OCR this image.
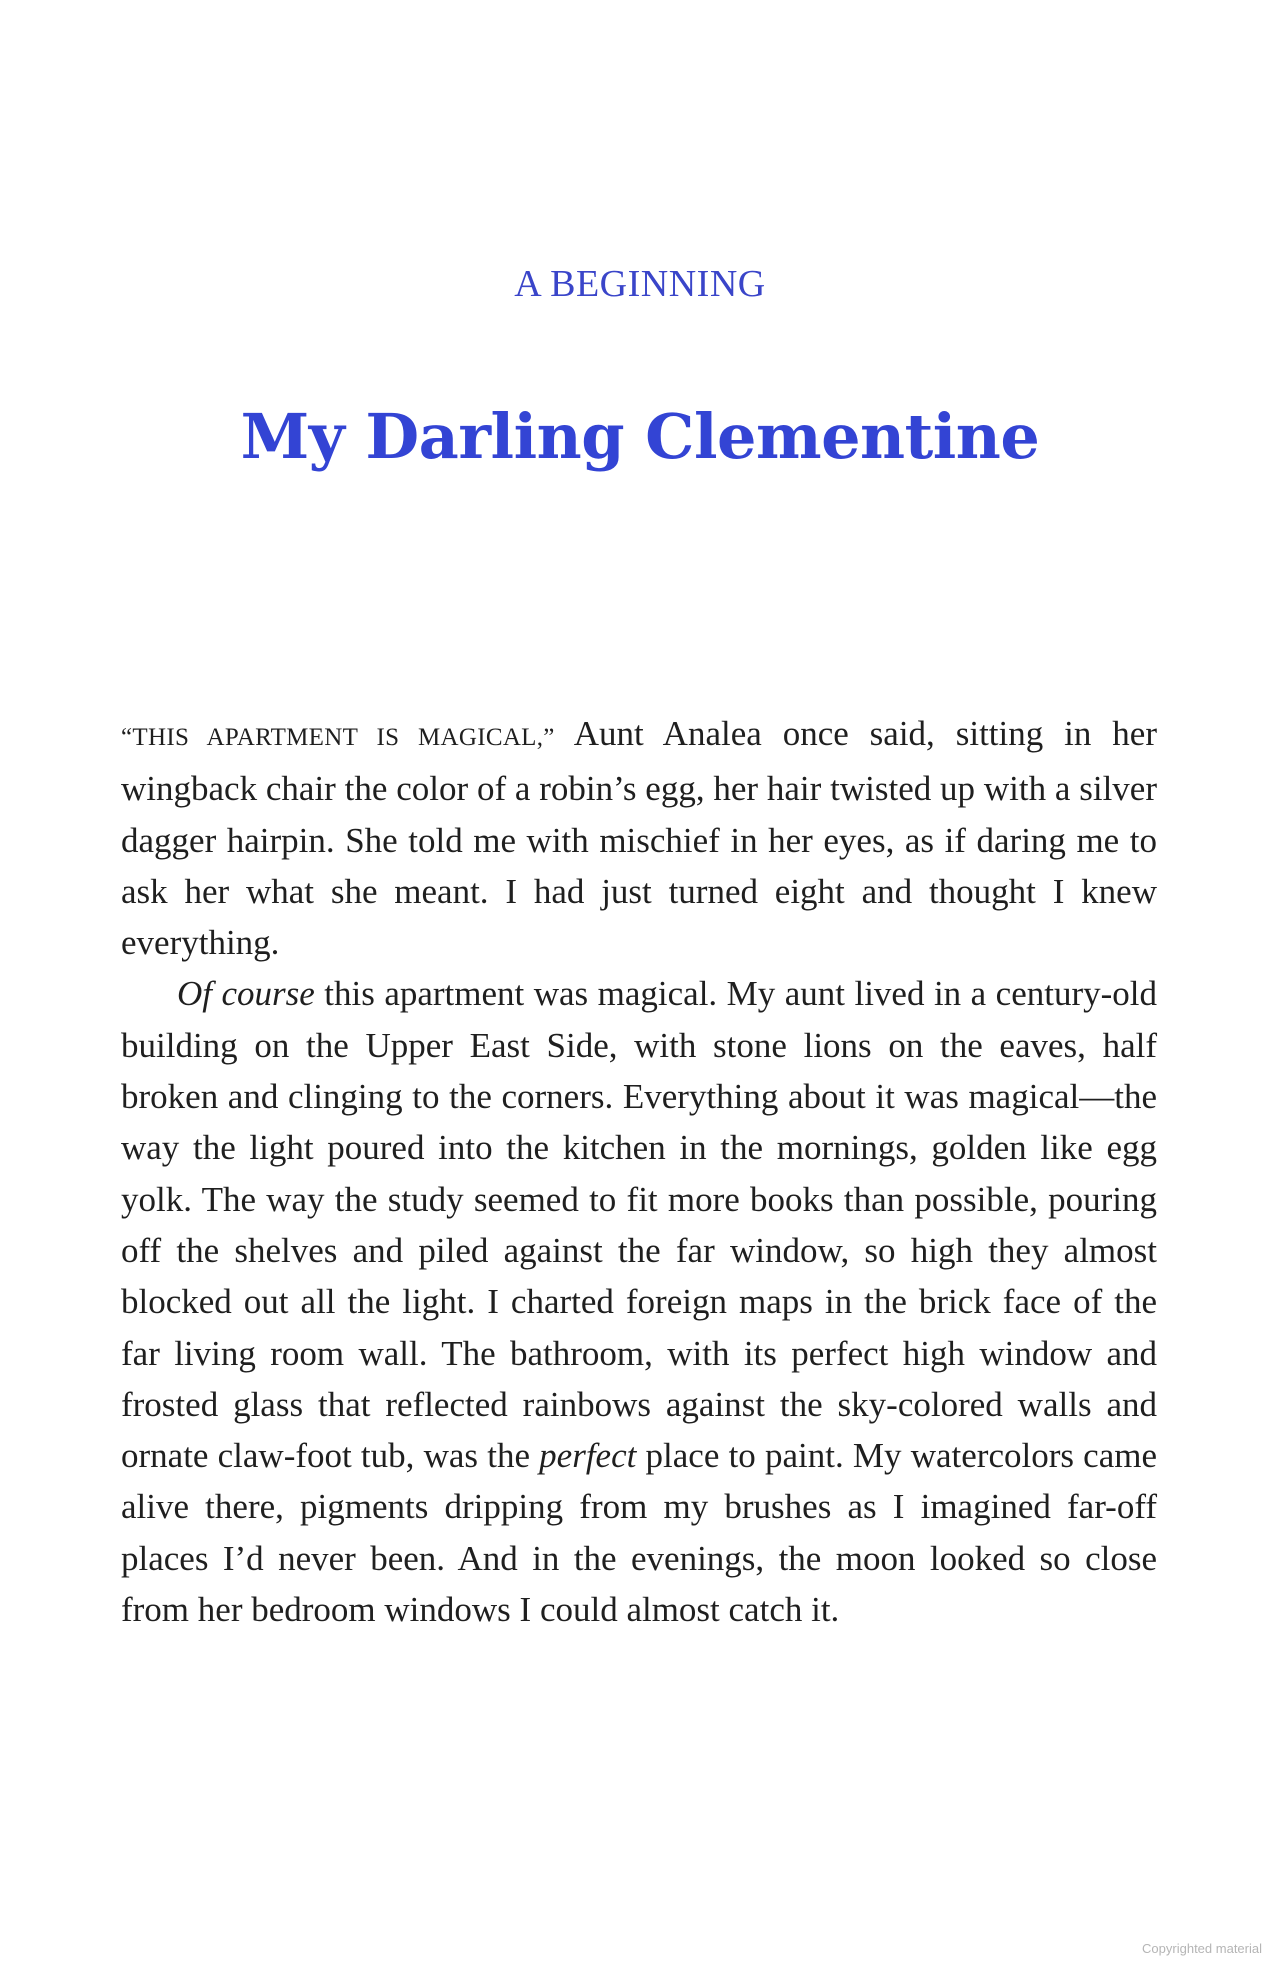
A BEGINNING
My Darling Clementine

“THIS APARTMENT IS MAGICAL,” Aunt Analea once said, sitting in her wingback chair the color of a robin’s egg, her hair twisted up with a silver dagger hairpin. She told me with mischief in her eyes, as if daring me to ask her what she meant. I had just turned eight and thought I knew everything.

Of course this apartment was magical. My aunt lived in a century-old building on the Upper East Side, with stone lions on the eaves, half broken and clinging to the corners. Everything about it was magical—the way the light poured into the kitchen in the mornings, golden like egg yolk. The way the study seemed to fit more books than possible, pouring off the shelves and piled against the far window, so high they almost blocked out all the light. I charted foreign maps in the brick face of the far living room wall. The bathroom, with its perfect high window and frosted glass that reflected rainbows against the sky-colored walls and ornate claw-foot tub, was the perfect place to paint. My watercolors came alive there, pigments dripping from my brushes as I imagined far-off places I’d never been. And in the evenings, the moon looked so close from her bedroom windows I could almost catch it.

Copyrighted material
